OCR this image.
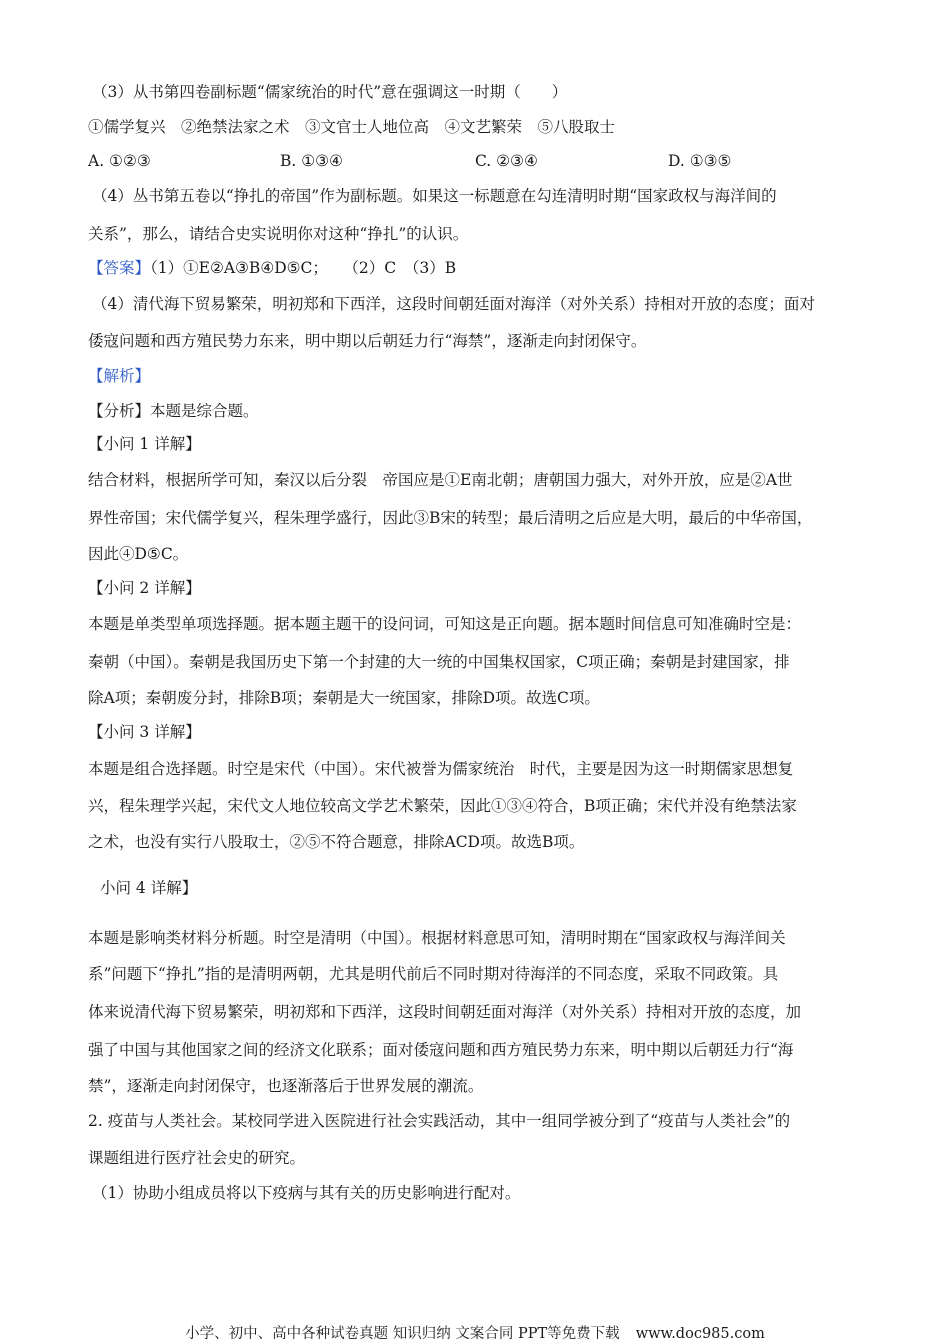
（3）从书第四卷副标题“儒家统治的时代”意在强调这一时期（　　）
①儒学复兴　②绝禁法家之术　③文官士人地位高　④文艺繁荣　⑤八股取士
A. ①②③	B. ①③④	C. ②③④	D. ①③⑤
（4）丛书第五卷以“挣扎的帝国”作为副标题。如果这一标题意在勾连清明时期“国家政权与海洋间的
关系”，那么，请结合史实说明你对这种“挣扎”的认识。
【答案】（1）①E②A③B④D⑤C；　　（2）C　（3）B
（4）清代海下贸易繁荣，明初郑和下西洋，这段时间朝廷面对海洋（对外关系）持相对开放的态度；面对
倭寇问题和西方殖民势力东来，明中期以后朝廷力行“海禁”，逐渐走向封闭保守。
【解析】
【分析】本题是综合题。
【小问 1 详解】
结合材料，根据所学可知，秦汉以后分裂　帝国应是①E南北朝；唐朝国力强大，对外开放，应是②A世
界性帝国；宋代儒学复兴，程朱理学盛行，因此③B宋的转型；最后清明之后应是大明，最后的中华帝国，
因此④D⑤C。
【小问 2 详解】
本题是单类型单项选择题。据本题主题干的设问词，可知这是正向题。据本题时间信息可知准确时空是：
秦朝（中国）。秦朝是我国历史下第一个封建的大一统的中国集权国家，C项正确；秦朝是封建国家，排
除A项；秦朝废分封，排除B项；秦朝是大一统国家，排除D项。故选C项。
【小问 3 详解】
本题是组合选择题。时空是宋代（中国）。宋代被誉为儒家统治　时代，主要是因为这一时期儒家思想复
兴，程朱理学兴起，宋代文人地位较高文学艺术繁荣，因此①③④符合，B项正确；宋代并没有绝禁法家
之术，也没有实行八股取士，②⑤不符合题意，排除ACD项。故选B项。
小问 4 详解】
本题是影响类材料分析题。时空是清明（中国）。根据材料意思可知，清明时期在“国家政权与海洋间关
系”问题下“挣扎”指的是清明两朝，尤其是明代前后不同时期对待海洋的不同态度，采取不同政策。具
体来说清代海下贸易繁荣，明初郑和下西洋，这段时间朝廷面对海洋（对外关系）持相对开放的态度，加
强了中国与其他国家之间的经济文化联系；面对倭寇问题和西方殖民势力东来，明中期以后朝廷力行“海
禁”，逐渐走向封闭保守，也逐渐落后于世界发展的潮流。
2. 疫苗与人类社会。某校同学进入医院进行社会实践活动，其中一组同学被分到了“疫苗与人类社会”的
课题组进行医疗社会史的研究。
（1）协助小组成员将以下疫病与其有关的历史影响进行配对。
小学、初中、高中各种试卷真题 知识归纳 文案合同 PPT等免费下载 www.doc985.com
